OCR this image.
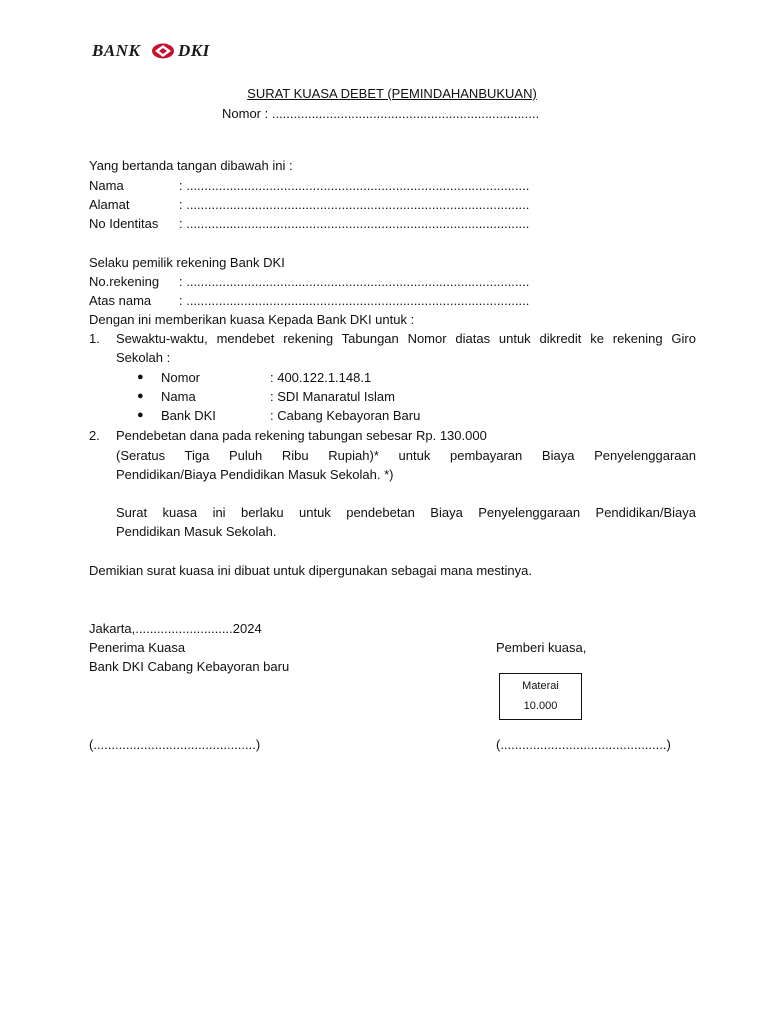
BANK DKI
SURAT KUASA DEBET (PEMINDAHANBUKUAN)
Nomor : ..........................................................................
Yang bertanda tangan dibawah ini :
Nama	: ...............................................................................................
Alamat	: ...............................................................................................
No Identitas : ...............................................................................................
Selaku pemilik rekening Bank DKI
No.rekening : ...............................................................................................
Atas nama : ...............................................................................................
Dengan ini memberikan kuasa Kepada Bank DKI untuk :
1. Sewaktu-waktu, mendebet rekening Tabungan Nomor diatas untuk dikredit ke rekening Giro
Sekolah :
● Nomor	: 400.122.1.148.1
● Nama	: SDI Manaratul Islam
● Bank DKI	: Cabang Kebayoran Baru
2. Pendebetan dana pada rekening tabungan sebesar Rp. 130.000
(Seratus Tiga Puluh Ribu Rupiah)* untuk pembayaran Biaya Penyelenggaraan
Pendidikan/Biaya Pendidikan Masuk Sekolah. *)
Surat kuasa ini berlaku untuk pendebetan Biaya Penyelenggaraan Pendidikan/Biaya
Pendidikan Masuk Sekolah.
Demikian surat kuasa ini dibuat untuk dipergunakan sebagai mana mestinya.
Jakarta,...........................2024
Penerima Kuasa	Pemberi kuasa,
Bank DKI Cabang Kebayoran baru
Materai
10.000
(.............................................)	(..............................................)
